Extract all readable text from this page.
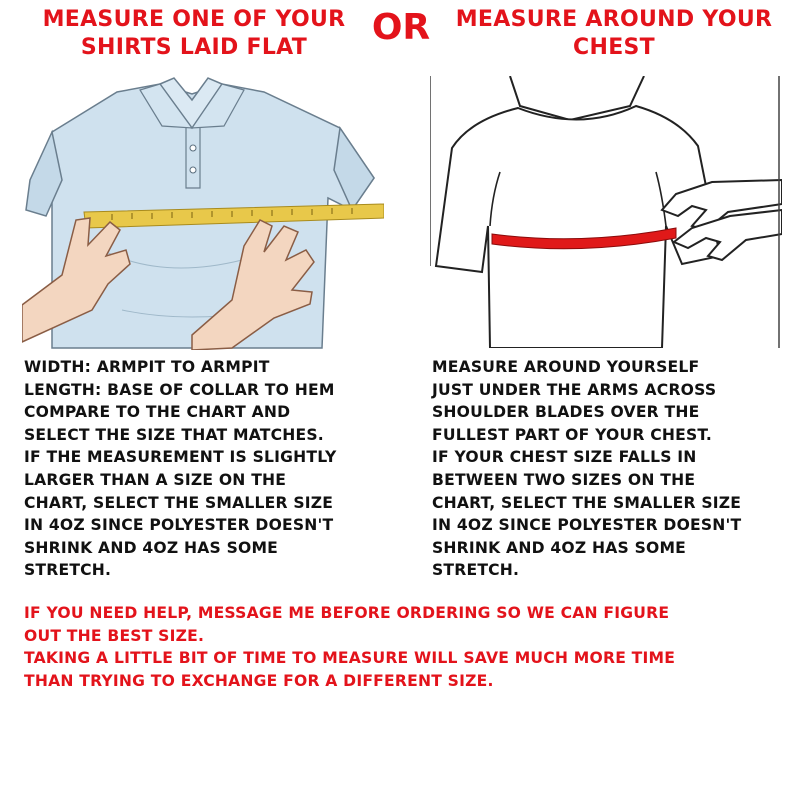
MEASURE ONE OF YOUR
SHIRTS LAID FLAT	OR	MEASURE AROUND YOUR
CHEST
WIDTH: ARMPIT TO ARMPIT
LENGTH: BASE OF COLLAR TO HEM
COMPARE TO THE CHART AND
SELECT THE SIZE THAT MATCHES.
IF THE MEASUREMENT IS SLIGHTLY
LARGER THAN A SIZE ON THE
CHART, SELECT THE SMALLER SIZE
IN 4OZ SINCE POLYESTER DOESN'T
SHRINK AND 4OZ HAS SOME
STRETCH.
MEASURE AROUND YOURSELF
JUST UNDER THE ARMS ACROSS
SHOULDER BLADES OVER THE
FULLEST PART OF YOUR CHEST.
IF YOUR CHEST SIZE FALLS IN
BETWEEN TWO SIZES ON THE
CHART, SELECT THE SMALLER SIZE
IN 4OZ SINCE POLYESTER DOESN'T
SHRINK AND 4OZ HAS SOME
STRETCH.
IF YOU NEED HELP, MESSAGE ME BEFORE ORDERING SO WE CAN FIGURE
OUT THE BEST SIZE.
TAKING A LITTLE BIT OF TIME TO MEASURE WILL SAVE MUCH MORE TIME
THAN TRYING TO EXCHANGE FOR A DIFFERENT SIZE.
